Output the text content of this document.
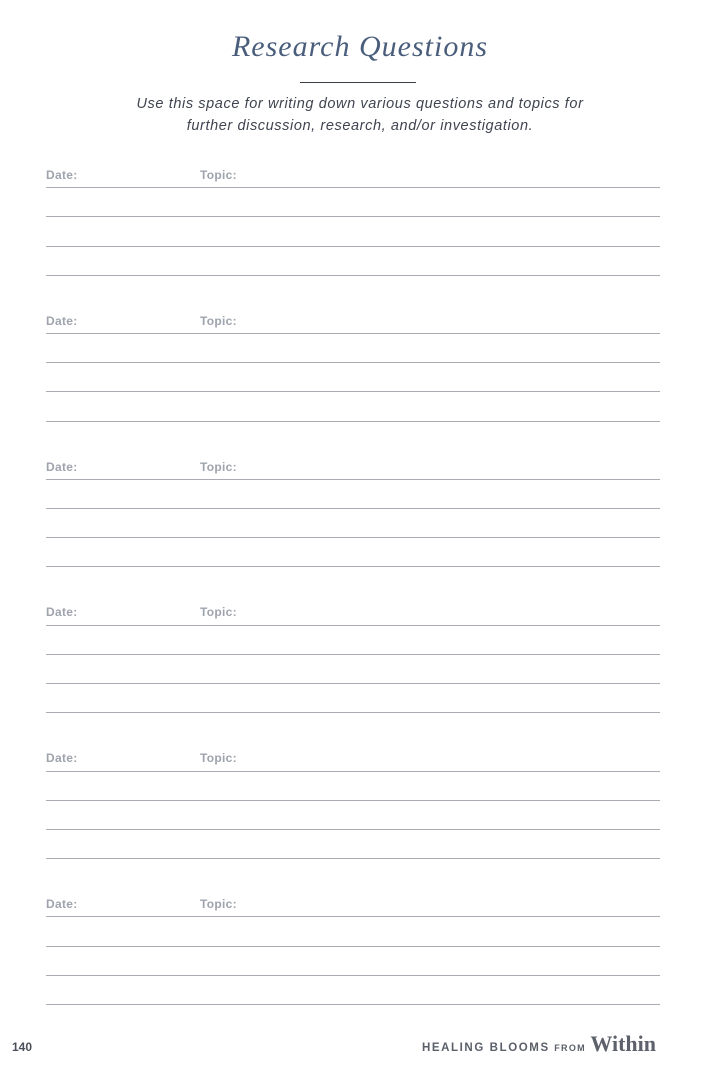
Research Questions
Use this space for writing down various questions and topics for
further discussion, research, and/or investigation.
Date:	Topic:
Date:	Topic:
Date:	Topic:
Date:	Topic:
Date:	Topic:
Date:	Topic:
140	HEALING BLOOMS FROM Within
